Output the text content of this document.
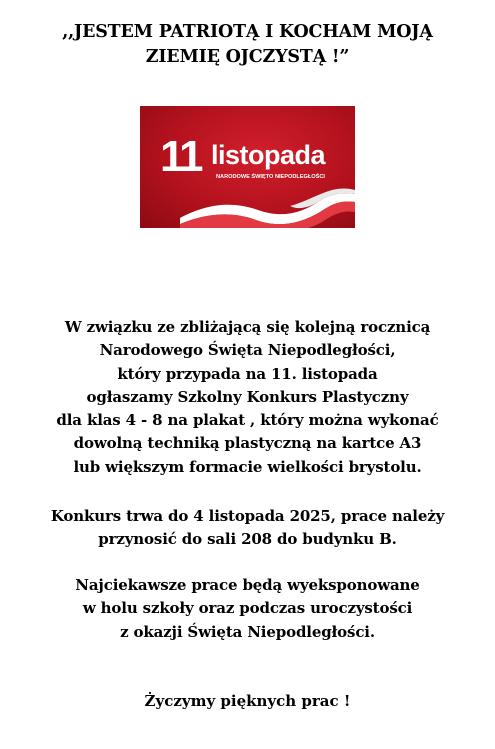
,,JESTEM PATRIOTĄ I KOCHAM MOJĄ
ZIEMIĘ OJCZYSTĄ !”
11 listopada
NARODOWE ŚWIĘTO NIEPODLEGŁOŚCI
W związku ze zbliżającą się kolejną rocznicą
Narodowego Święta Niepodległości,
który przypada na 11. listopada
ogłaszamy Szkolny Konkurs Plastyczny
dla klas 4 - 8 na plakat , który można wykonać
dowolną techniką plastyczną na kartce A3
lub większym formacie wielkości brystolu.
Konkurs trwa do 4 listopada 2025, prace należy
przynosić do sali 208 do budynku B.
Najciekawsze prace będą wyeksponowane
w holu szkoły oraz podczas uroczystości
z okazji Święta Niepodległości.
Życzymy pięknych prac !
